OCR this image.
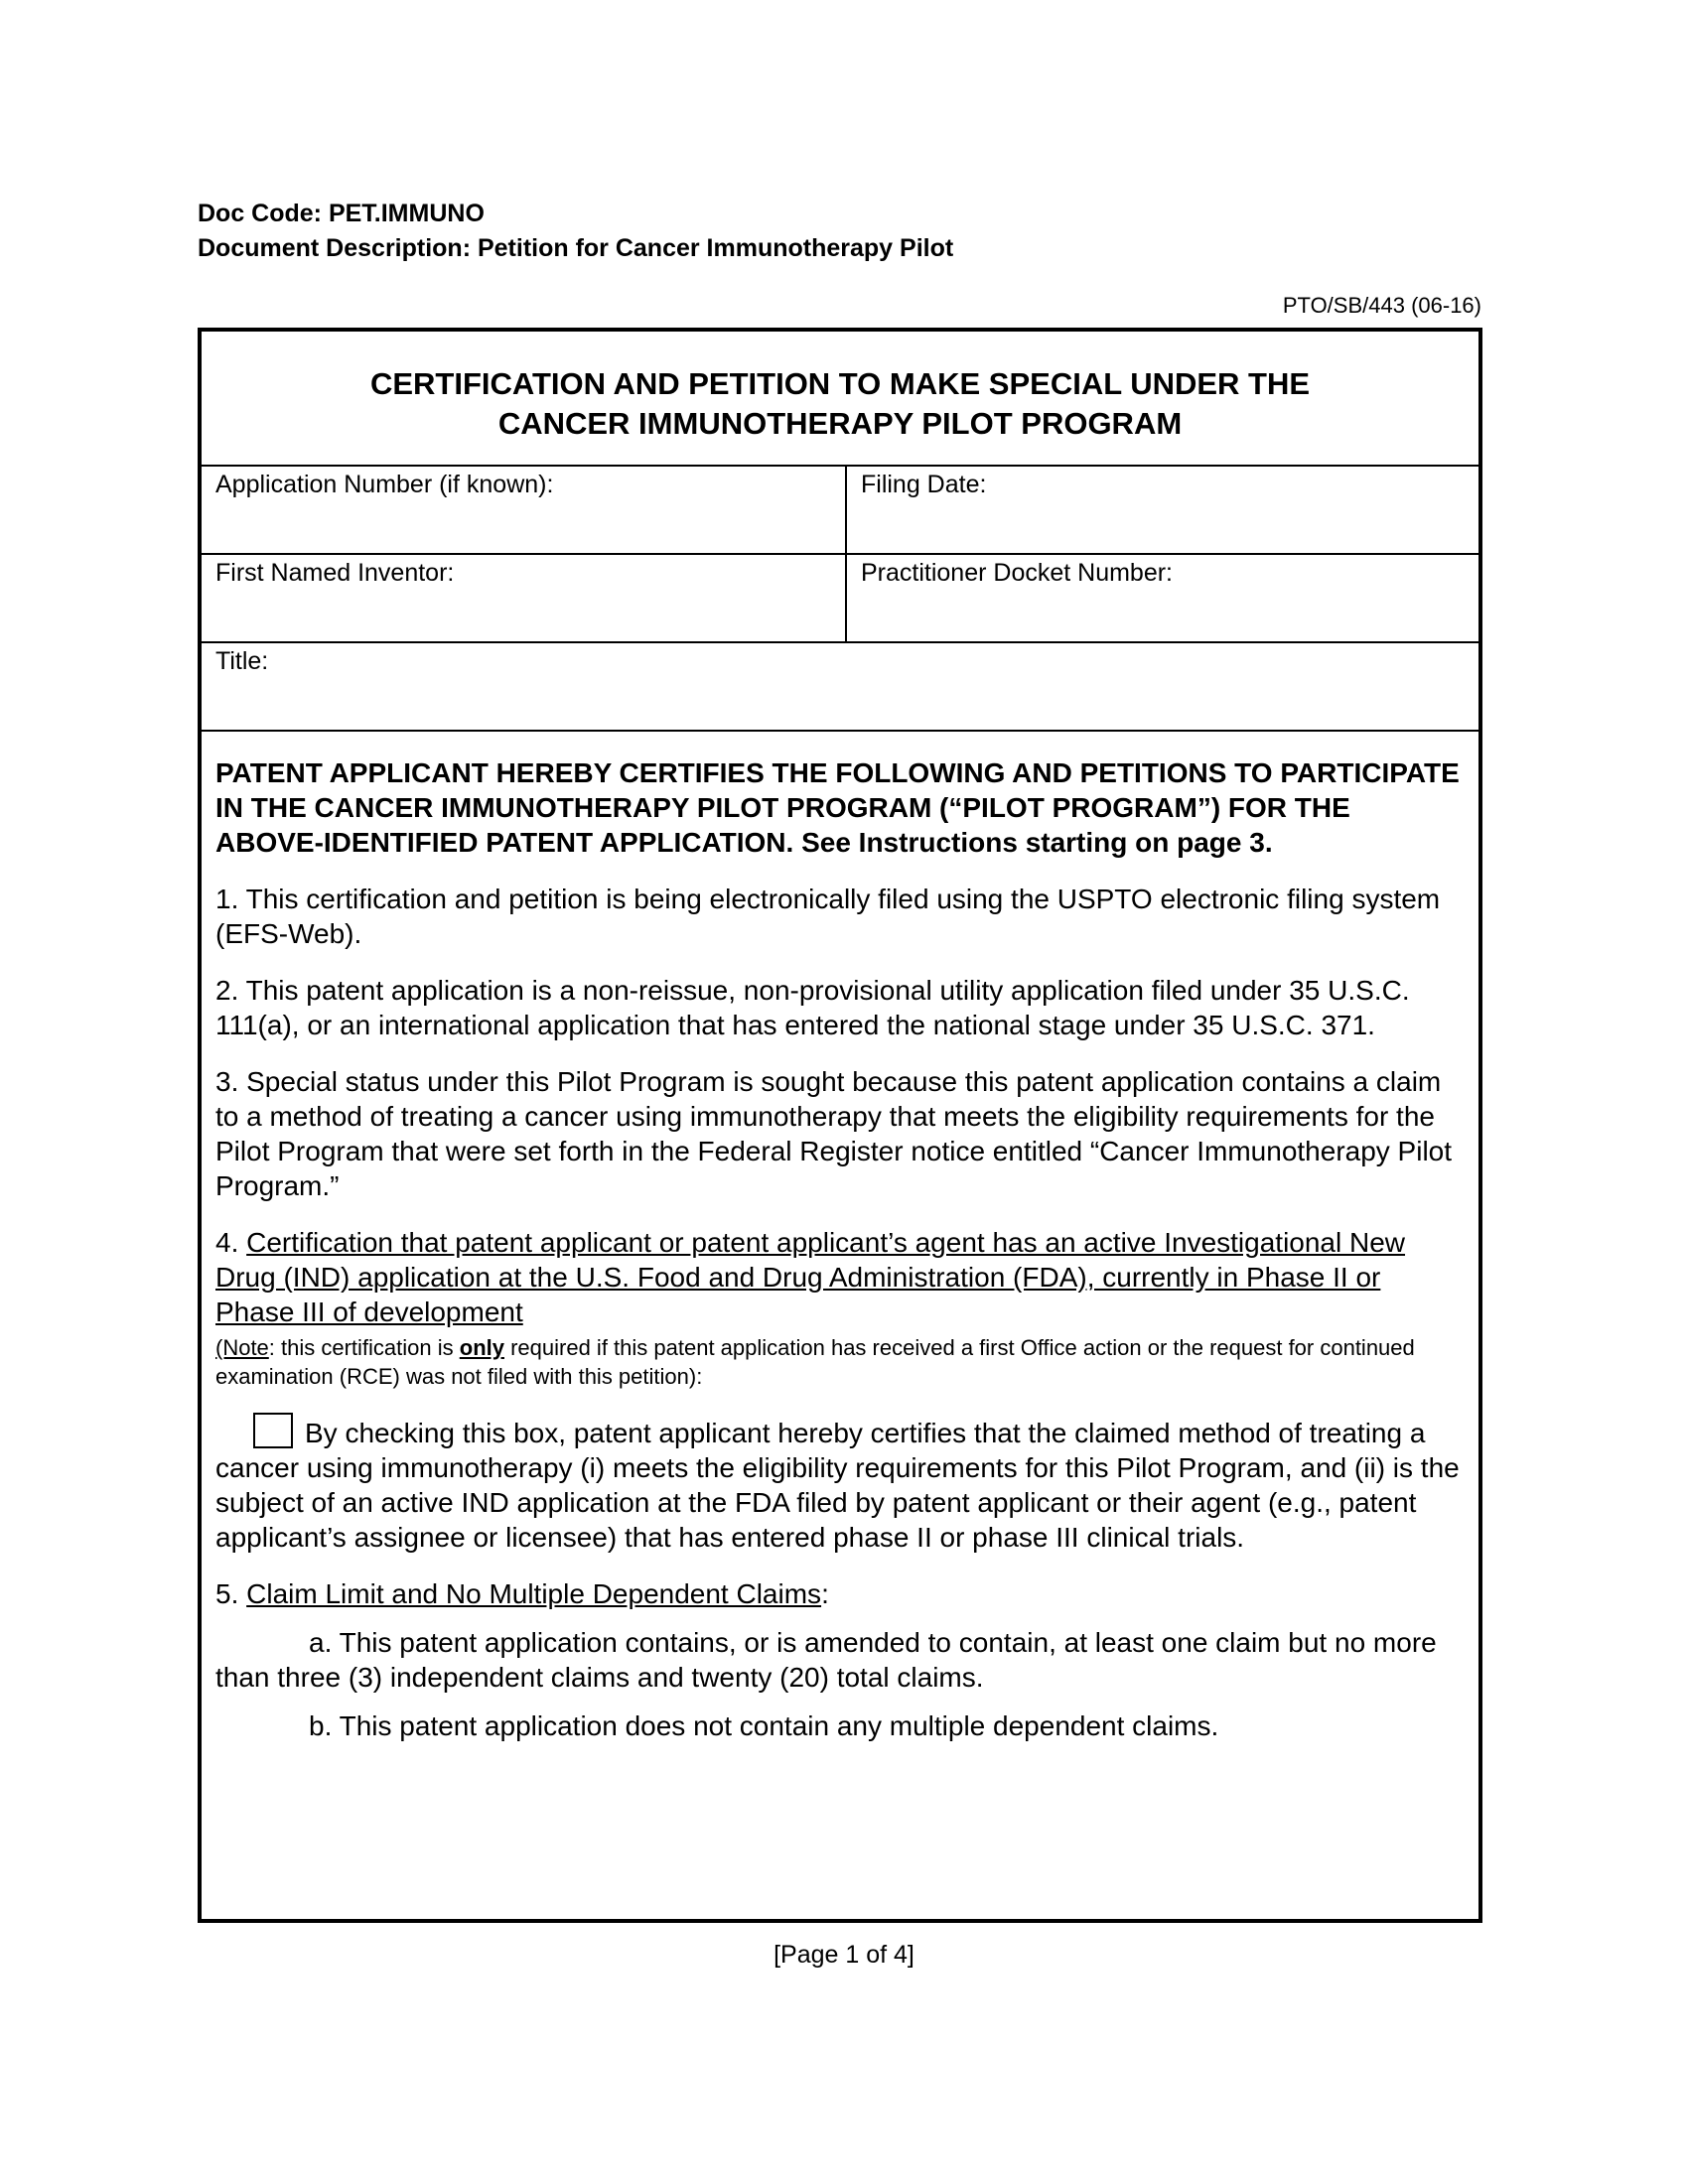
Doc Code: PET.IMMUNO
Document Description: Petition for Cancer Immunotherapy Pilot
PTO/SB/443 (06-16)
CERTIFICATION AND PETITION TO MAKE SPECIAL UNDER THE
CANCER IMMUNOTHERAPY PILOT PROGRAM
Application Number (if known):	Filing Date:
First Named Inventor:	Practitioner Docket Number:
Title:

PATENT APPLICANT HEREBY CERTIFIES THE FOLLOWING AND PETITIONS TO PARTICIPATE IN THE CANCER IMMUNOTHERAPY PILOT PROGRAM (“PILOT PROGRAM”) FOR THE ABOVE-IDENTIFIED PATENT APPLICATION. See Instructions starting on page 3.

1. This certification and petition is being electronically filed using the USPTO electronic filing system (EFS-Web).

2. This patent application is a non-reissue, non-provisional utility application filed under 35 U.S.C. 111(a), or an international application that has entered the national stage under 35 U.S.C. 371.

3. Special status under this Pilot Program is sought because this patent application contains a claim to a method of treating a cancer using immunotherapy that meets the eligibility requirements for the Pilot Program that were set forth in the Federal Register notice entitled “Cancer Immunotherapy Pilot Program.”

4. Certification that patent applicant or patent applicant’s agent has an active Investigational New Drug (IND) application at the U.S. Food and Drug Administration (FDA), currently in Phase II or Phase III of development

(Note: this certification is only required if this patent application has received a first Office action or the request for continued examination (RCE) was not filed with this petition):

By checking this box, patent applicant hereby certifies that the claimed method of treating a cancer using immunotherapy (i) meets the eligibility requirements for this Pilot Program, and (ii) is the subject of an active IND application at the FDA filed by patent applicant or their agent (e.g., patent applicant’s assignee or licensee) that has entered phase II or phase III clinical trials.

5. Claim Limit and No Multiple Dependent Claims:

a. This patent application contains, or is amended to contain, at least one claim but no more than three (3) independent claims and twenty (20) total claims.

b. This patent application does not contain any multiple dependent claims.

[Page 1 of 4]
